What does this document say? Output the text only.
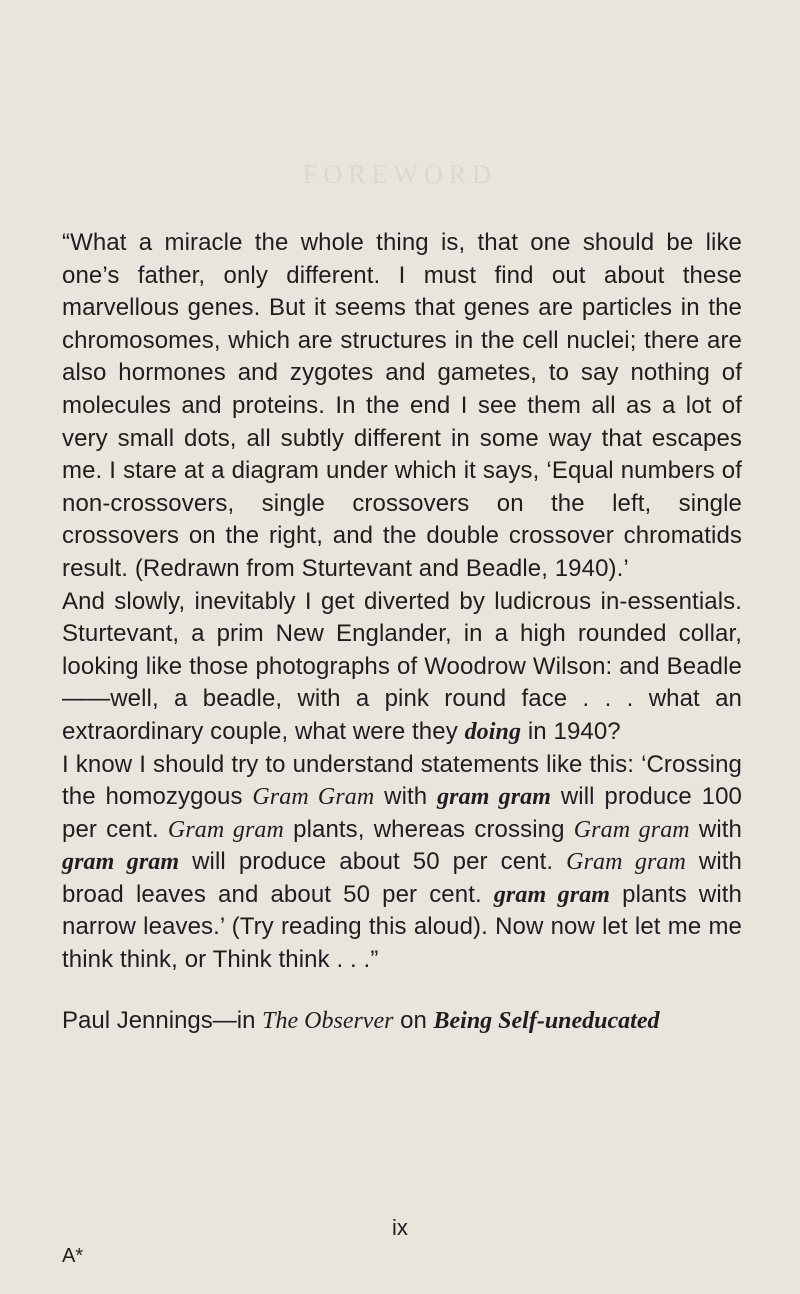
FOREWORD

“What a miracle the whole thing is, that one should be like one’s father, only different. I must find out about these marvellous genes. But it seems that genes are particles in the chromosomes, which are structures in the cell nuclei; there are also hormones and zygotes and gametes, to say nothing of molecules and proteins. In the end I see them all as a lot of very small dots, all subtly different in some way that escapes me. I stare at a diagram under which it says, ‘Equal numbers of non-crossovers, single crossovers on the left, single crossovers on the right, and the double crossover chromatids result. (Redrawn from Sturtevant and Beadle, 1940).’

And slowly, inevitably I get diverted by ludicrous in-essentials. Sturtevant, a prim New Englander, in a high rounded collar, looking like those photographs of Woodrow Wilson: and Beadle——well, a beadle, with a pink round face . . . what an extraordinary couple, what were they doing in 1940?

I know I should try to understand statements like this: ‘Crossing the homozygous Gram Gram with gram gram will produce 100 per cent. Gram gram plants, whereas crossing Gram gram with gram gram will produce about 50 per cent. Gram gram with broad leaves and about 50 per cent. gram gram plants with narrow leaves.’ (Try reading this aloud). Now now let let me me think think, or Think think . . .”

Paul Jennings—in The Observer on Being Self-uneducated
ix
A*
